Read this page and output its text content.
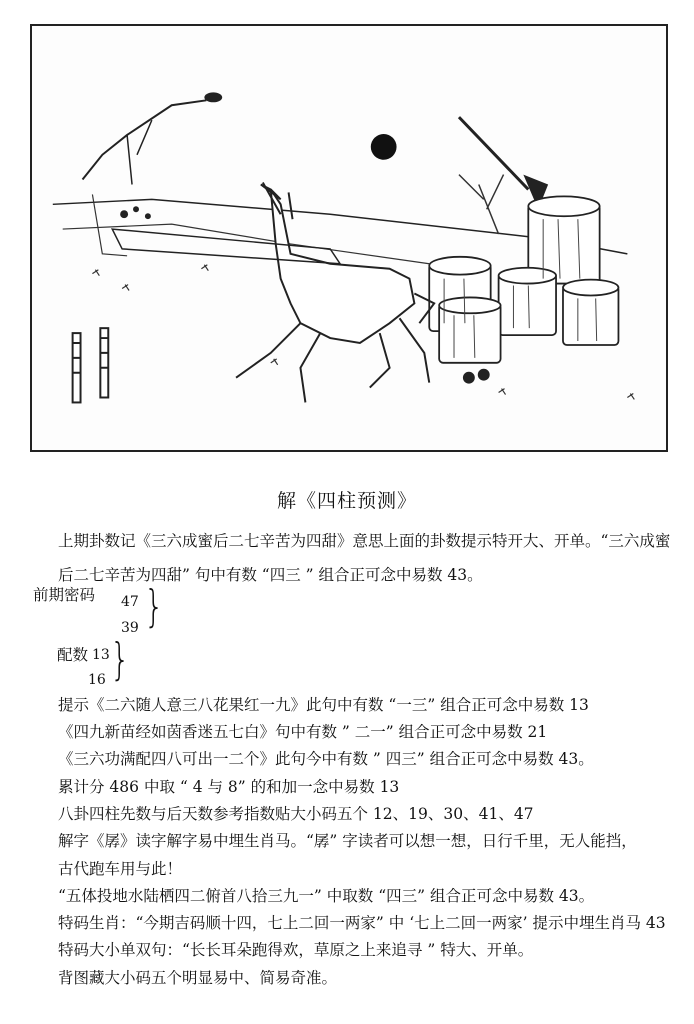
解《四柱预测》
上期卦数记《三六成蜜后二七辛苦为四甜》意思上面的卦数提示特开大、开单。“三六成蜜
后二七辛苦为四甜” 句中有数 “四三 ” 组合正可念中易数 43。
前期密码 47
39 }
配数 13
16 }
提示《二六随人意三八花果红一九》此句中有数 “一三” 组合正可念中易数 13
《四九新苗经如茵香迷五七白》句中有数 ” 二一” 组合正可念中易数 21
《三六功满配四八可出一二个》此句今中有数 ” 四三” 组合正可念中易数 43。
累计分 486 中取 “ 4 与 8” 的和加一念中易数 13
八卦四柱先数与后天数参考指数贴大小码五个 12、19、30、41、47
解字《孱》读字解字易中埋生肖马。“孱” 字读者可以想一想，日行千里，无人能挡，
古代跑车用与此！
“五体投地水陆栖四二俯首八拾三九一” 中取数 “四三” 组合正可念中易数 43。
特码生肖：“今期吉码顺十四，七上二回一两家” 中 ‘七上二回一两家’ 提示中埋生肖马 43
特码大小单双句：“长长耳朵跑得欢，草原之上来追寻 ” 特大、开单。
背图藏大小码五个明显易中、简易奇准。
